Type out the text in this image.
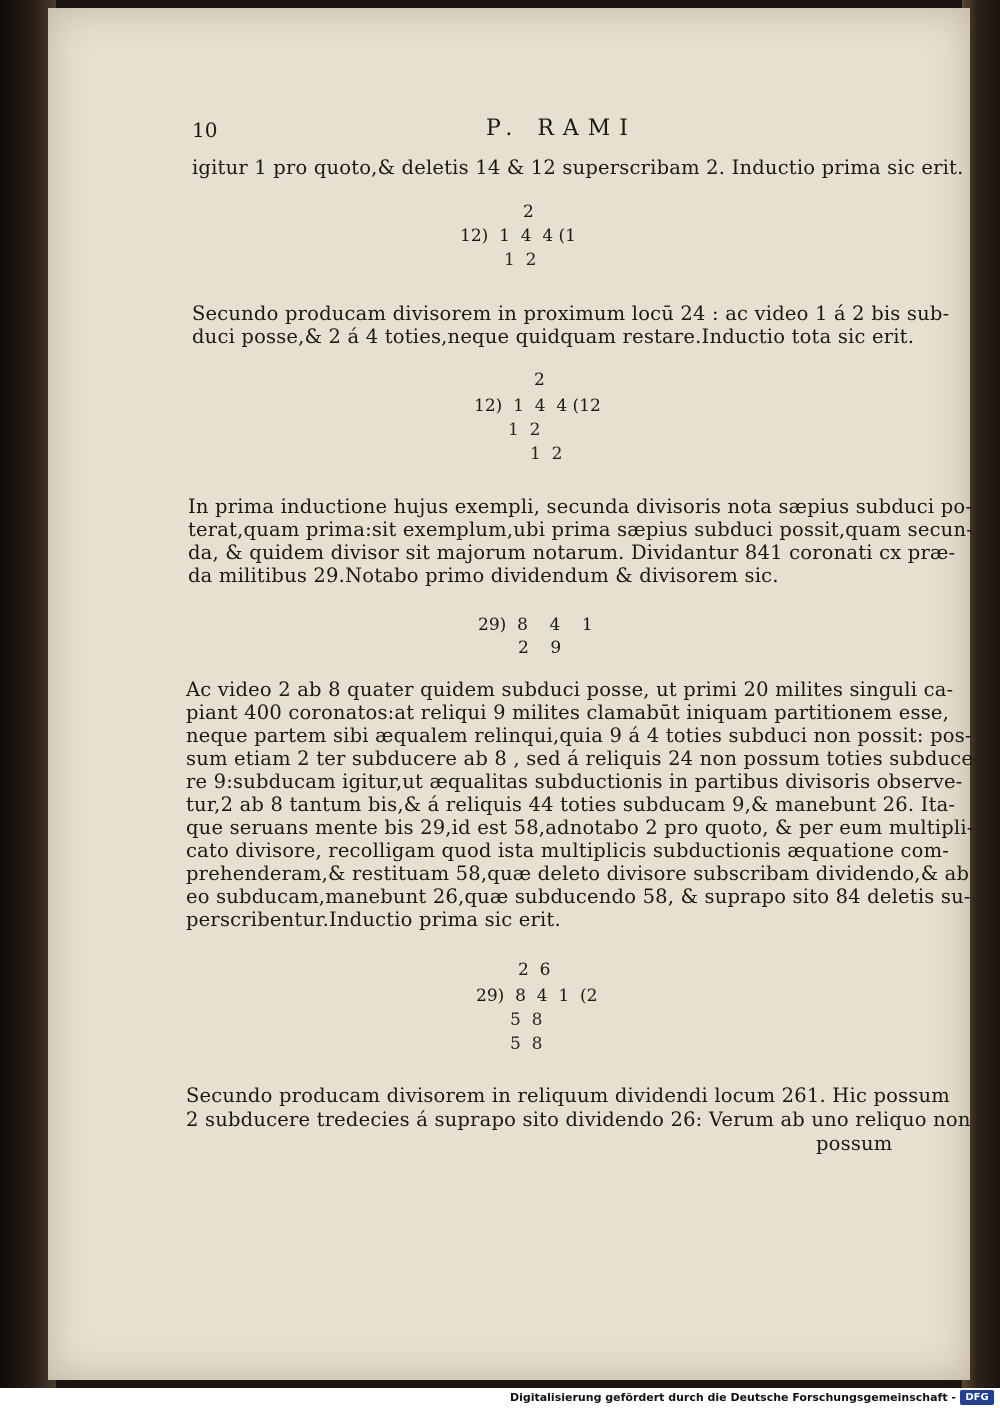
10	P. RAMI
igitur 1 pro quoto,& deletis 14 & 12 superscribam 2. Inductio prima sic erit.
2
12)  1  4  4 (1
1  2
Secundo producam divisorem in proximum locū 24 : ac video 1 á 2 bis sub-
duci posse,& 2 á 4 toties,neque quidquam restare.Inductio tota sic erit.
2
12)  1  4  4 (12
1  2
1  2
In prima inductione hujus exempli, secunda divisoris nota sæpius subduci po-
terat,quam prima:sit exemplum,ubi prima sæpius subduci possit,quam secun-
da, & quidem divisor sit majorum notarum. Dividantur 841 coronati cx præ-
da militibus 29.Notabo primo dividendum & divisorem sic.
29)  8    4    1
2    9
Ac video 2 ab 8 quater quidem subduci posse, ut primi 20 milites singuli ca-
piant 400 coronatos:at reliqui 9 milites clamabūt iniquam partitionem esse,
neque partem sibi æqualem relinqui,quia 9 á 4 toties subduci non possit: pos-
sum etiam 2 ter subducere ab 8 , sed á reliquis 24 non possum toties subduce-
re 9:subducam igitur,ut æqualitas subductionis in partibus divisoris observe-
tur,2 ab 8 tantum bis,& á reliquis 44 toties subducam 9,& manebunt 26. Ita-
que seruans mente bis 29,id est 58,adnotabo 2 pro quoto, & per eum multipli-
cato divisore, recolligam quod ista multiplicis subductionis æquatione com-
prehenderam,& restituam 58,quæ deleto divisore subscribam dividendo,& ab
eo subducam,manebunt 26,quæ subducendo 58, & suprapo sito 84 deletis su-
perscribentur.Inductio prima sic erit.
2  6
29)  8  4  1  (2
5  8
5  8
Secundo producam divisorem in reliquum dividendi locum 261. Hic possum
2 subducere tredecies á suprapo sito dividendo 26: Verum ab uno reliquo non
possum
Digitalisierung gefördert durch die Deutsche Forschungsgemeinschaft - DFG
